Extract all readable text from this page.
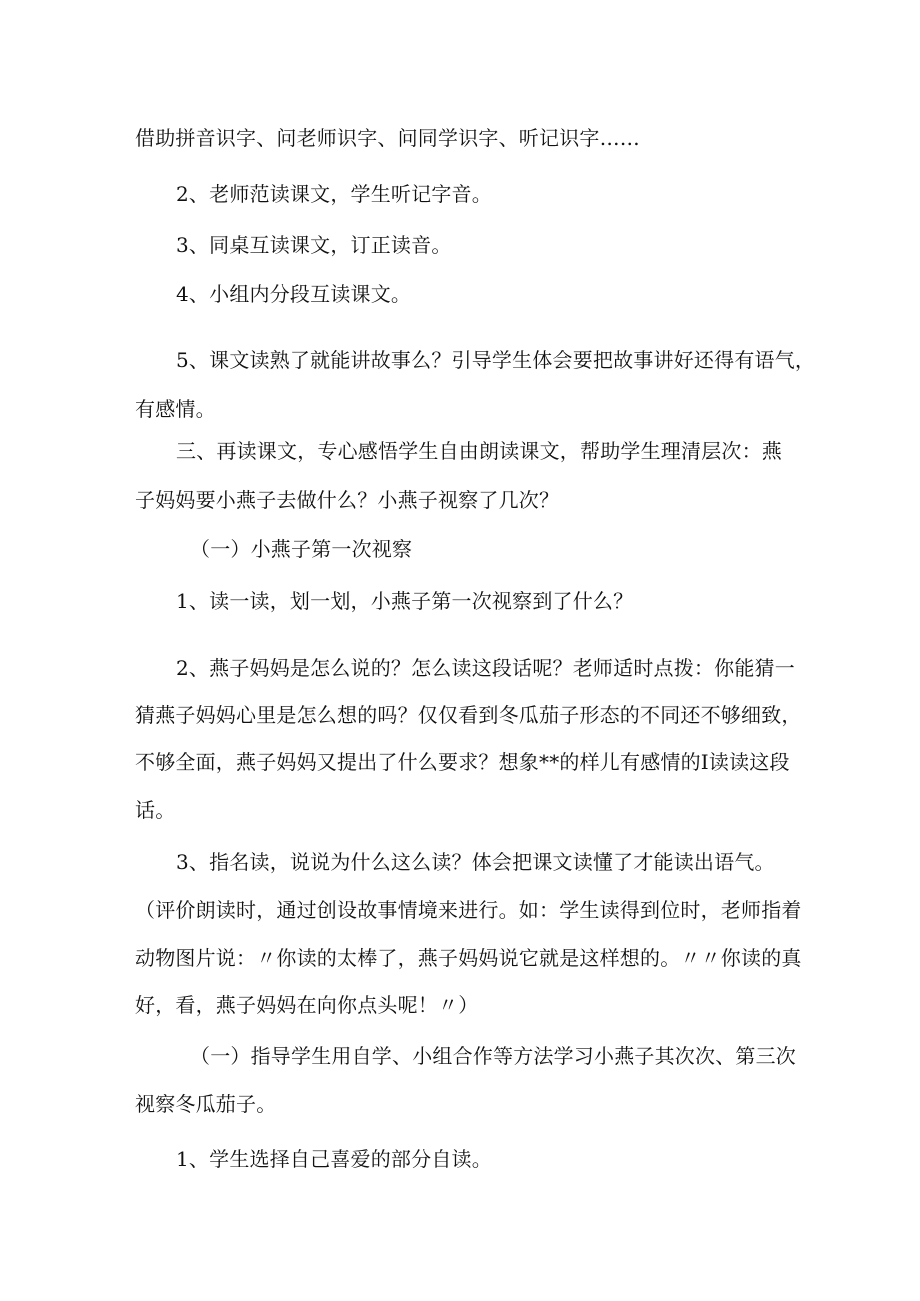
借助拼音识字、问老师识字、问同学识字、听记识字……
2、老师范读课文，学生听记字音。
3、同桌互读课文，订正读音。
4、小组内分段互读课文。
5、课文读熟了就能讲故事么？引导学生体会要把故事讲好还得有语气，
有感情。
三、再读课文，专心感悟学生自由朗读课文，帮助学生理清层次：燕
子妈妈要小燕子去做什么？小燕子视察了几次？
（一）小燕子第一次视察
1、读一读，划一划，小燕子第一次视察到了什么？
2、燕子妈妈是怎么说的？怎么读这段话呢？老师适时点拨：你能猜一
猜燕子妈妈心里是怎么想的吗？仅仅看到冬瓜茄子形态的不同还不够细致，
不够全面，燕子妈妈又提出了什么要求？想象**的样儿有感情的I读读这段
话。
3、指名读，说说为什么这么读？体会把课文读懂了才能读出语气。
（评价朗读时，通过创设故事情境来进行。如：学生读得到位时，老师指着
动物图片说：〃你读的太棒了，燕子妈妈说它就是这样想的。〃〃你读的真
好，看，燕子妈妈在向你点头呢！〃）
（一）指导学生用自学、小组合作等方法学习小燕子其次次、第三次
视察冬瓜茄子。
1、学生选择自己喜爱的部分自读。
